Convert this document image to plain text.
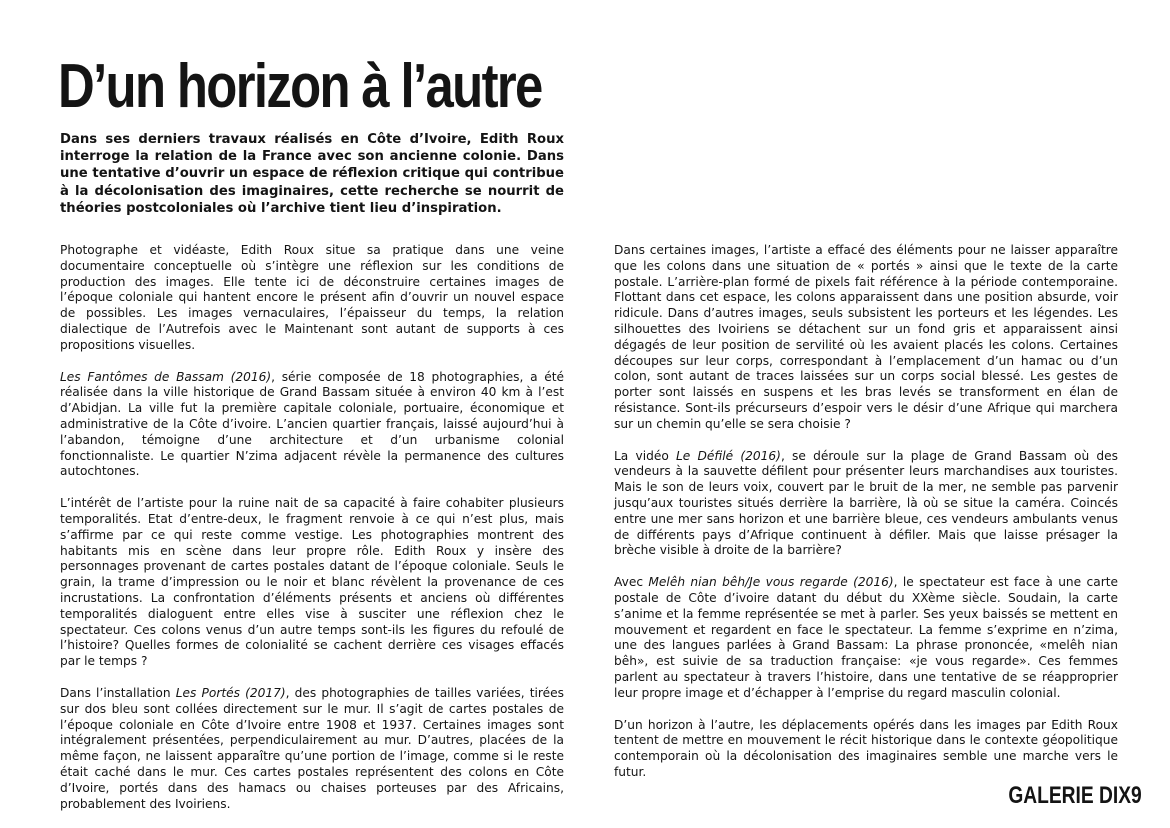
D’un horizon à l’autre

Dans ses derniers travaux réalisés en Côte d’Ivoire, Edith Roux interroge la relation de la France avec son ancienne colonie. Dans une tentative d’ouvrir un espace de réflexion critique qui contribue à la décolonisation des imaginaires, cette recherche se nourrit de théories postcoloniales où l’archive tient lieu d’inspiration.

Photographe et vidéaste, Edith Roux situe sa pratique dans une veine documentaire conceptuelle où s’intègre une réflexion sur les conditions de production des images. Elle tente ici de déconstruire certaines images de l’époque coloniale qui hantent encore le présent afin d’ouvrir un nouvel espace de possibles. Les images vernaculaires, l’épaisseur du temps, la relation dialectique de l’Autrefois avec le Maintenant sont autant de supports à ces propositions visuelles.

Les Fantômes de Bassam (2016), série composée de 18 photographies, a été réalisée dans la ville historique de Grand Bassam située à environ 40 km à l’est d’Abidjan. La ville fut la première capitale coloniale, portuaire, économique et administrative de la Côte d’ivoire. L’ancien quartier français, laissé aujourd’hui à l’abandon, témoigne d’une architecture et d’un urbanisme colonial fonctionnaliste. Le quartier N’zima adjacent révèle la permanence des cultures autochtones.

L’intérêt de l’artiste pour la ruine nait de sa capacité à faire cohabiter plusieurs temporalités. Etat d’entre-deux, le fragment renvoie à ce qui n’est plus, mais s’affirme par ce qui reste comme vestige. Les photographies montrent des habitants mis en scène dans leur propre rôle. Edith Roux y insère des personnages provenant de cartes postales datant de l’époque coloniale. Seuls le grain, la trame d’impression ou le noir et blanc révèlent la provenance de ces incrustations. La confrontation d’éléments présents et anciens où différentes temporalités dialoguent entre elles vise à susciter une réflexion chez le spectateur. Ces colons venus d’un autre temps sont-ils les figures du refoulé de l’histoire? Quelles formes de colonialité se cachent derrière ces visages effacés par le temps ?

Dans l’installation Les Portés (2017), des photographies de tailles variées, tirées sur dos bleu sont collées directement sur le mur. Il s’agit de cartes postales de l’époque coloniale en Côte d’Ivoire entre 1908 et 1937. Certaines images sont intégralement présentées, perpendiculairement au mur. D’autres, placées de la même façon, ne laissent apparaître qu’une portion de l’image, comme si le reste était caché dans le mur. Ces cartes postales représentent des colons en Côte d’Ivoire, portés dans des hamacs ou chaises porteuses par des Africains, probablement des Ivoiriens.

Dans certaines images, l’artiste a effacé des éléments pour ne laisser apparaître que les colons dans une situation de « portés » ainsi que le texte de la carte postale. L’arrière-plan formé de pixels fait référence à la période contemporaine. Flottant dans cet espace, les colons apparaissent dans une position absurde, voir ridicule. Dans d’autres images, seuls subsistent les porteurs et les légendes. Les silhouettes des Ivoiriens se détachent sur un fond gris et apparaissent ainsi dégagés de leur position de servilité où les avaient placés les colons. Certaines découpes sur leur corps, correspondant à l’emplacement d’un hamac ou d’un colon, sont autant de traces laissées sur un corps social blessé. Les gestes de porter sont laissés en suspens et les bras levés se transforment en élan de résistance. Sont-ils précurseurs d’espoir vers le désir d’une Afrique qui marchera sur un chemin qu’elle se sera choisie ?

La vidéo Le Défilé (2016), se déroule sur la plage de Grand Bassam où des vendeurs à la sauvette défilent pour présenter leurs marchandises aux touristes. Mais le son de leurs voix, couvert par le bruit de la mer, ne semble pas parvenir jusqu’aux touristes situés derrière la barrière, là où se situe la caméra. Coincés entre une mer sans horizon et une barrière bleue, ces vendeurs ambulants venus de différents pays d’Afrique continuent à défiler. Mais que laisse présager la brèche visible à droite de la barrière?

Avec Melêh nian bêh/Je vous regarde (2016), le spectateur est face à une carte postale de Côte d’ivoire datant du début du XXème siècle. Soudain, la carte s’anime et la femme représentée se met à parler. Ses yeux baissés se mettent en mouvement et regardent en face le spectateur. La femme s’exprime en n’zima, une des langues parlées à Grand Bassam: La phrase prononcée, «melêh nian bêh», est suivie de sa traduction française: «je vous regarde». Ces femmes parlent au spectateur à travers l’histoire, dans une tentative de se réapproprier leur propre image et d’échapper à l’emprise du regard masculin colonial.

D’un horizon à l’autre, les déplacements opérés dans les images par Edith Roux tentent de mettre en mouvement le récit historique dans le contexte géopolitique contemporain où la décolonisation des imaginaires semble une marche vers le futur.

GALERIE DIX9
